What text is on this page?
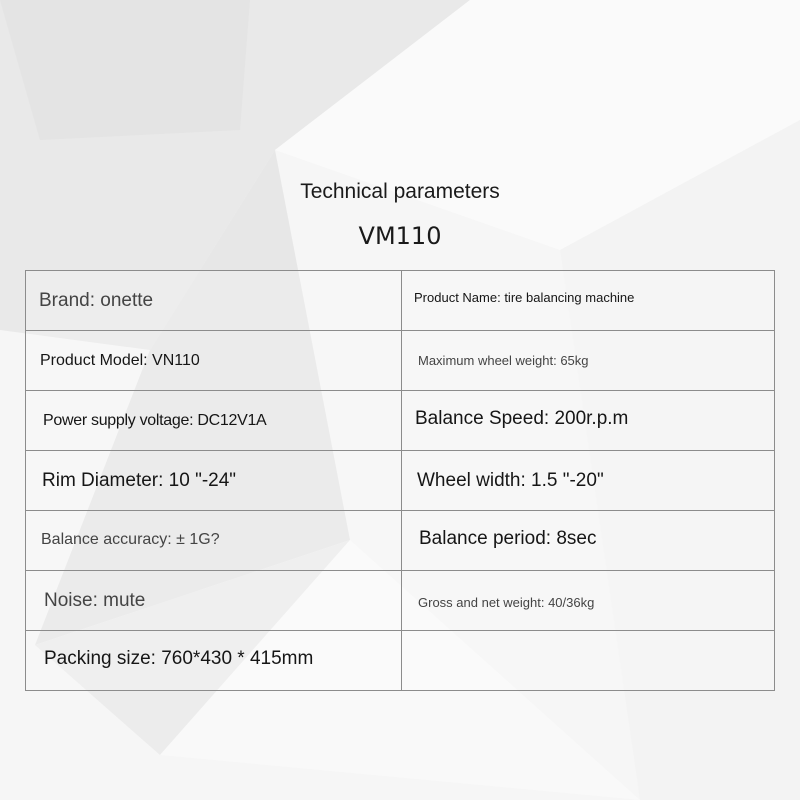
Technical parameters
VM110
Brand: onette	Product Name: tire balancing machine

Product Model: VN110	Maximum wheel weight: 65kg

Power supply voltage: DC12V1A	Balance Speed: 200r.p.m

Rim Diameter: 10 "-24"	Wheel width: 1.5 "-20"

Balance accuracy: ± 1G?	Balance period: 8sec

Noise: mute	Gross and net weight: 40/36kg

Packing size: 760*430 * 415mm	
